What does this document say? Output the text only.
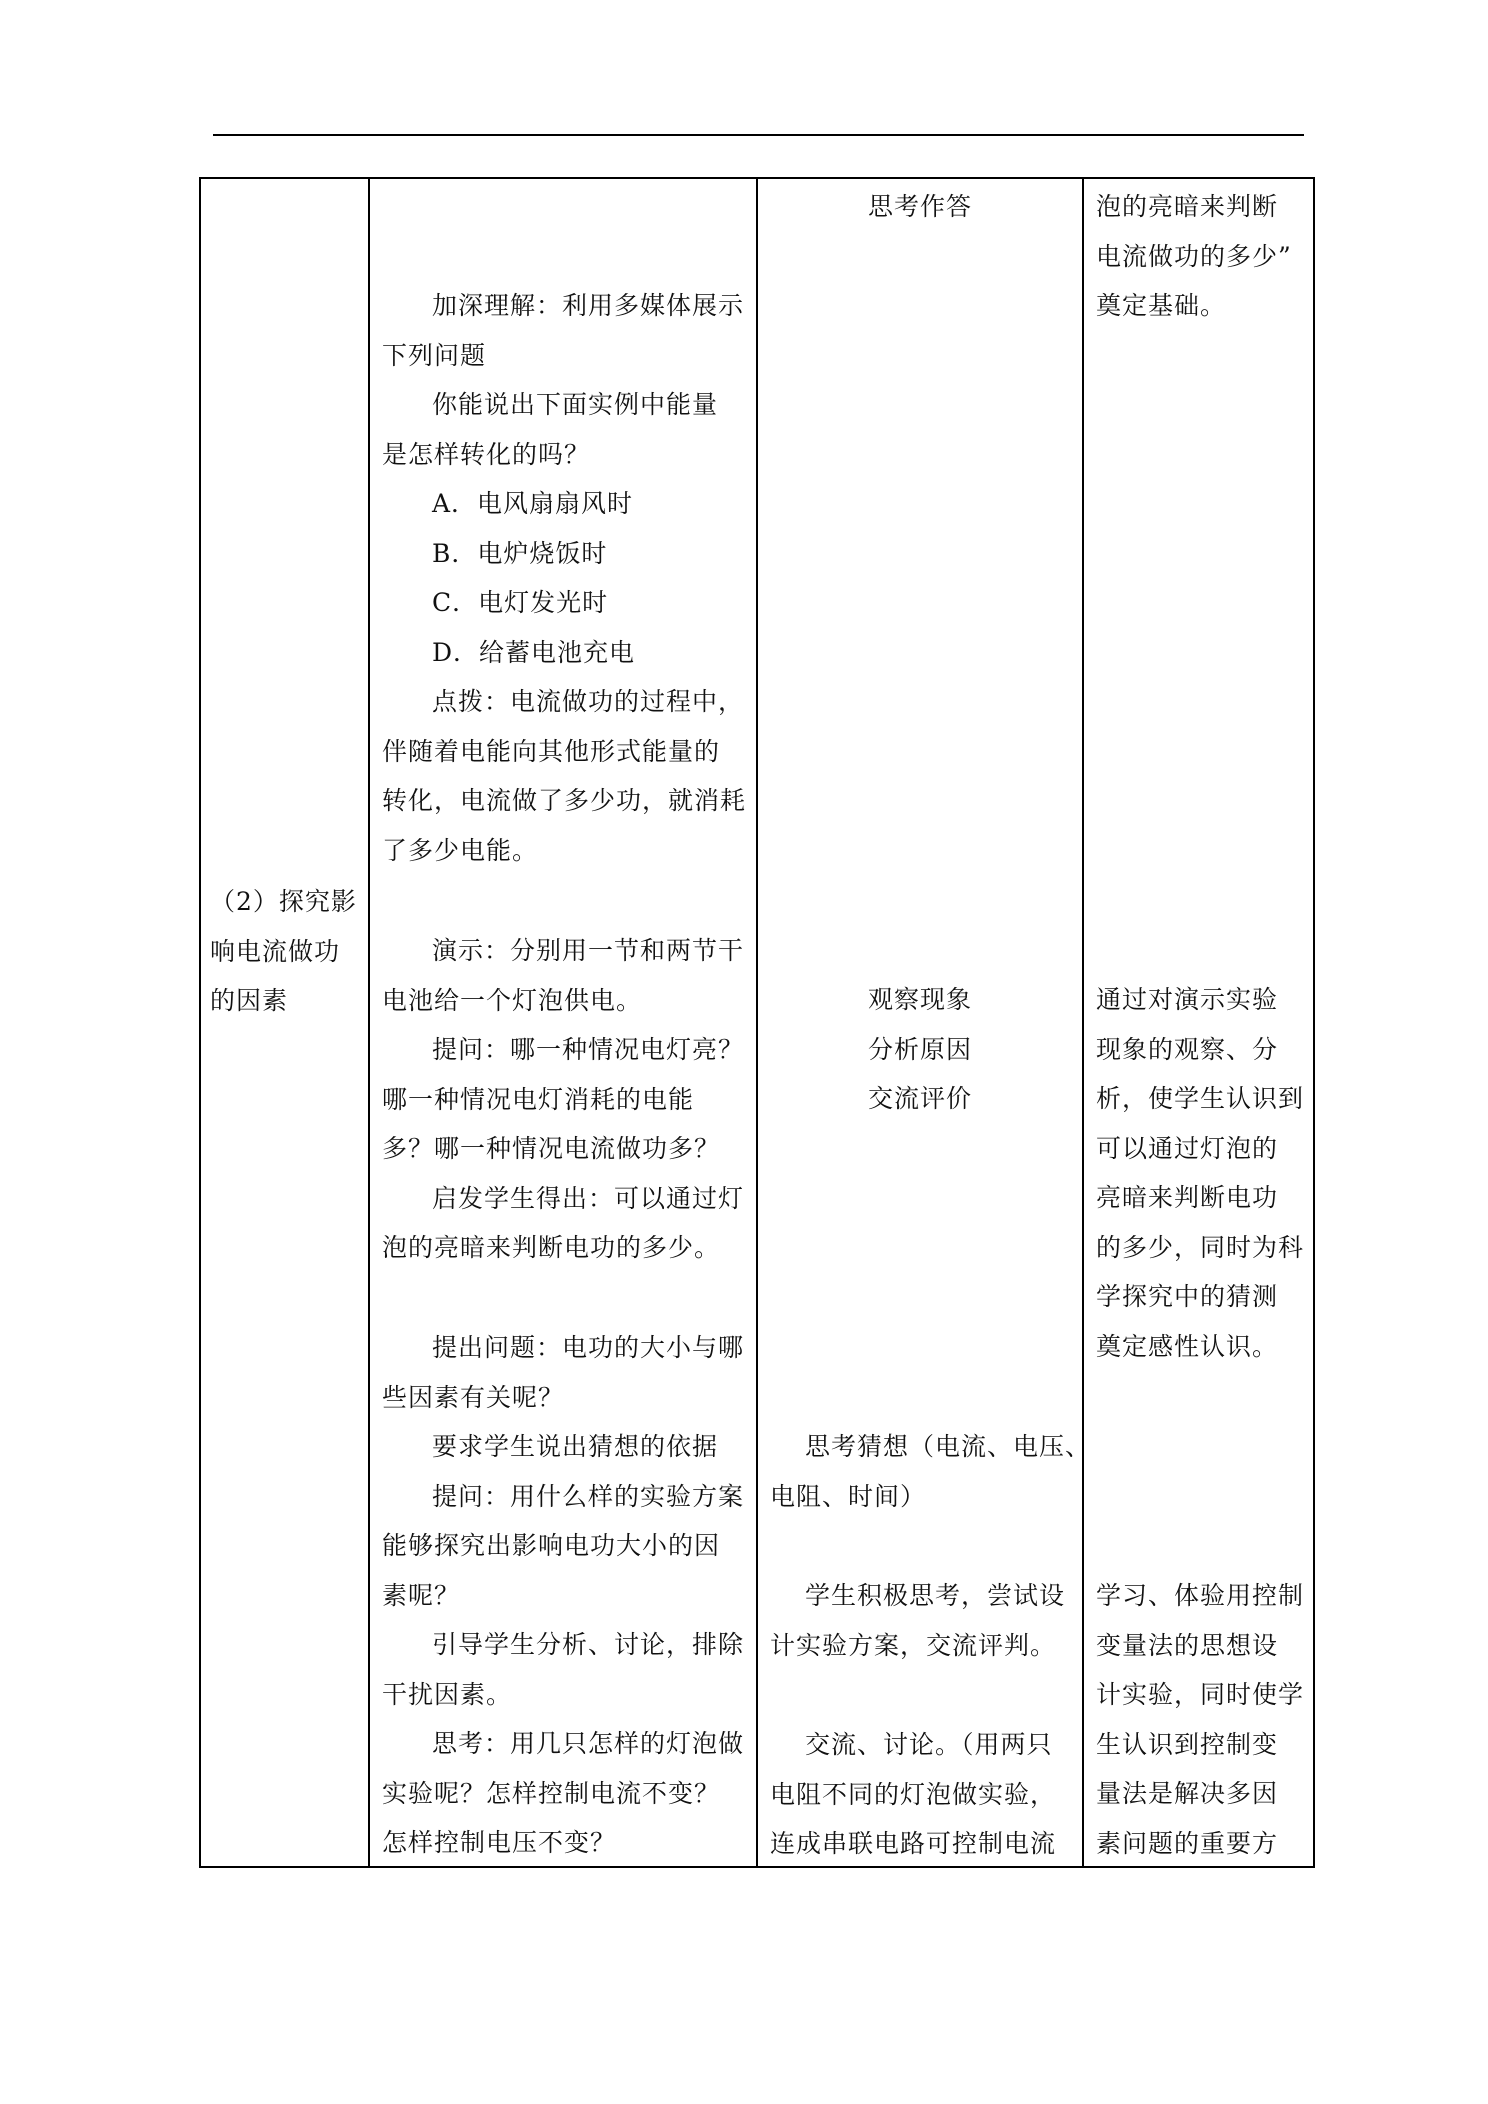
（2）探究影

响电流做功

的因素

加深理解：利用多媒体展示

下列问题

你能说出下面实例中能量

是怎样转化的吗？

A．电风扇扇风时

B．电炉烧饭时

C．电灯发光时

D．给蓄电池充电

点拨：电流做功的过程中，

伴随着电能向其他形式能量的

转化，电流做了多少功，就消耗

了多少电能。

演示：分别用一节和两节干

电池给一个灯泡供电。

提问：哪一种情况电灯亮？

哪一种情况电灯消耗的电能

多？哪一种情况电流做功多？

启发学生得出：可以通过灯

泡的亮暗来判断电功的多少。

提出问题：电功的大小与哪

些因素有关呢？

要求学生说出猜想的依据

提问：用什么样的实验方案

能够探究出影响电功大小的因

素呢？

引导学生分析、讨论，排除

干扰因素。

思考：用几只怎样的灯泡做

实验呢？怎样控制电流不变？

怎样控制电压不变？

思考作答

观察现象

分析原因

交流评价

思考猜想（电流、电压、

电阻、时间）

学生积极思考，尝试设

计实验方案，交流评判。

交流、讨论。（用两只

电阻不同的灯泡做实验，

连成串联电路可控制电流

泡的亮暗来判断

电流做功的多少”

奠定基础。

通过对演示实验

现象的观察、分

析，使学生认识到

可以通过灯泡的

亮暗来判断电功

的多少，同时为科

学探究中的猜测

奠定感性认识。

学习、体验用控制

变量法的思想设

计实验，同时使学

生认识到控制变

量法是解决多因

素问题的重要方
